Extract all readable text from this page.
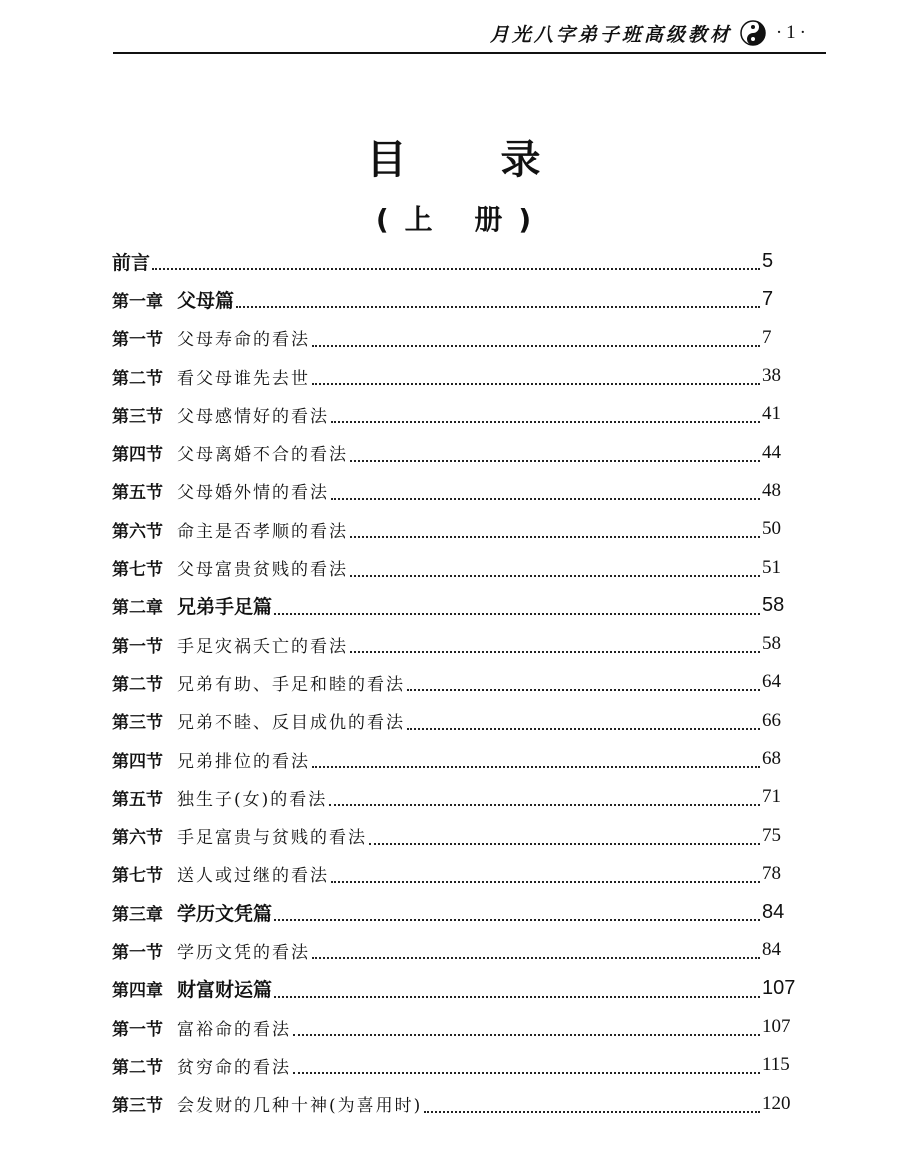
月光八字弟子班高级教材	· 1 ·
目 录
(上 册)
前言	5
第一章 父母篇	7
第一节 父母寿命的看法	7
第二节 看父母谁先去世	38
第三节 父母感情好的看法	41
第四节 父母离婚不合的看法	44
第五节 父母婚外情的看法	48
第六节 命主是否孝顺的看法	50
第七节 父母富贵贫贱的看法	51
第二章 兄弟手足篇	58
第一节 手足灾祸夭亡的看法	58
第二节 兄弟有助、手足和睦的看法	64
第三节 兄弟不睦、反目成仇的看法	66
第四节 兄弟排位的看法	68
第五节 独生子(女)的看法	71
第六节 手足富贵与贫贱的看法	75
第七节 送人或过继的看法	78
第三章 学历文凭篇	84
第一节 学历文凭的看法	84
第四章 财富财运篇	107
第一节 富裕命的看法	107
第二节 贫穷命的看法	115
第三节 会发财的几种十神(为喜用时)	120
